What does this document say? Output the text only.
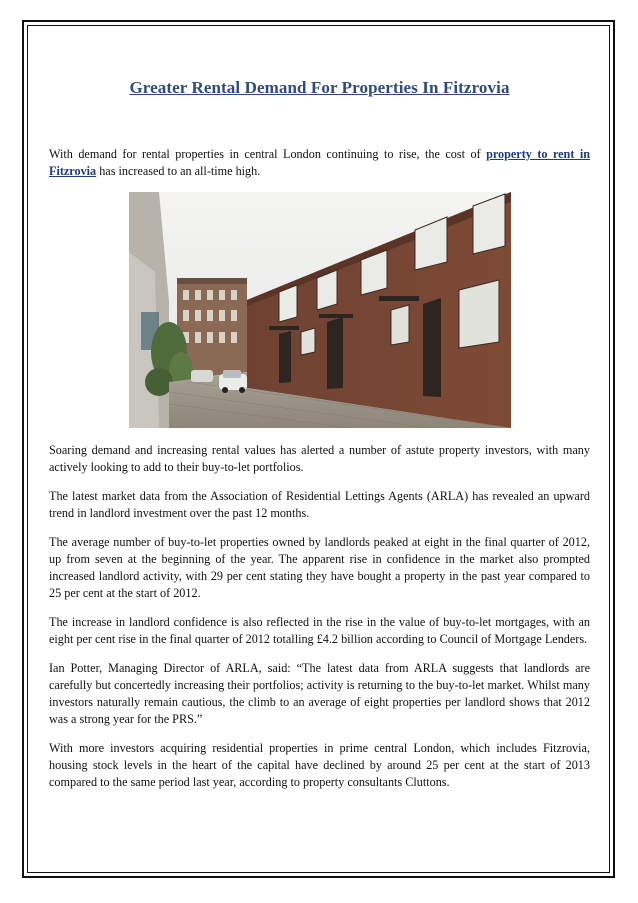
Greater Rental Demand For Properties In Fitzrovia

With demand for rental properties in central London continuing to rise, the cost of property to rent in Fitzrovia has increased to an all-time high.

Soaring demand and increasing rental values has alerted a number of astute property investors, with many actively looking to add to their buy-to-let portfolios.

The latest market data from the Association of Residential Lettings Agents (ARLA) has revealed an upward trend in landlord investment over the past 12 months.

The average number of buy-to-let properties owned by landlords peaked at eight in the final quarter of 2012, up from seven at the beginning of the year. The apparent rise in confidence in the market also prompted increased landlord activity, with 29 per cent stating they have bought a property in the past year compared to 25 per cent at the start of 2012.

The increase in landlord confidence is also reflected in the rise in the value of buy-to-let mortgages, with an eight per cent rise in the final quarter of 2012 totalling £4.2 billion according to Council of Mortgage Lenders.

Ian Potter, Managing Director of ARLA, said: “The latest data from ARLA suggests that landlords are carefully but concertedly increasing their portfolios; activity is returning to the buy-to-let market. Whilst many investors naturally remain cautious, the climb to an average of eight properties per landlord shows that 2012 was a strong year for the PRS.”

With more investors acquiring residential properties in prime central London, which includes Fitzrovia, housing stock levels in the heart of the capital have declined by around 25 per cent at the start of 2013 compared to the same period last year, according to property consultants Cluttons.
